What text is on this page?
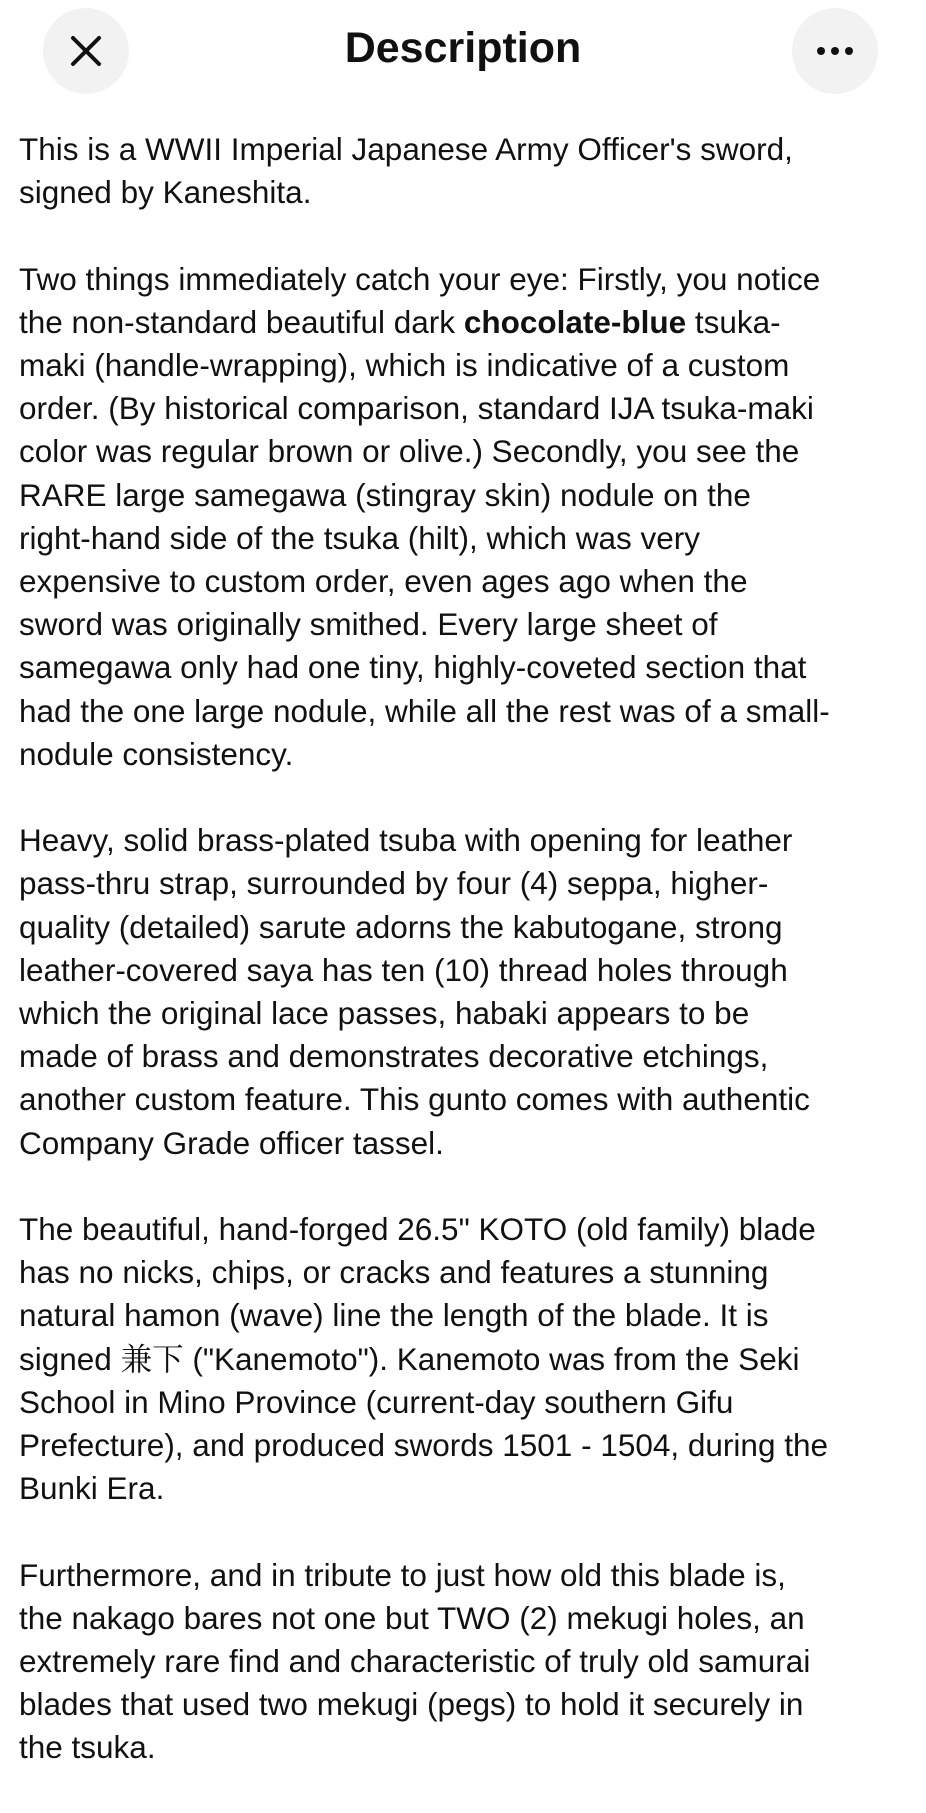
Description

This is a WWII Imperial Japanese Army Officer's sword,
signed by Kaneshita.

Two things immediately catch your eye: Firstly, you notice
the non-standard beautiful dark chocolate-blue tsuka-
maki (handle-wrapping), which is indicative of a custom
order. (By historical comparison, standard IJA tsuka-maki
color was regular brown or olive.) Secondly, you see the
RARE large samegawa (stingray skin) nodule on the
right-hand side of the tsuka (hilt), which was very
expensive to custom order, even ages ago when the
sword was originally smithed. Every large sheet of
samegawa only had one tiny, highly-coveted section that
had the one large nodule, while all the rest was of a small-
nodule consistency.

Heavy, solid brass-plated tsuba with opening for leather
pass-thru strap, surrounded by four (4) seppa, higher-
quality (detailed) sarute adorns the kabutogane, strong
leather-covered saya has ten (10) thread holes through
which the original lace passes, habaki appears to be
made of brass and demonstrates decorative etchings,
another custom feature. This gunto comes with authentic
Company Grade officer tassel.

The beautiful, hand-forged 26.5" KOTO (old family) blade
has no nicks, chips, or cracks and features a stunning
natural hamon (wave) line the length of the blade. It is
signed 兼下 ("Kanemoto"). Kanemoto was from the Seki
School in Mino Province (current-day southern Gifu
Prefecture), and produced swords 1501 - 1504, during the
Bunki Era.

Furthermore, and in tribute to just how old this blade is,
the nakago bares not one but TWO (2) mekugi holes, an
extremely rare find and characteristic of truly old samurai
blades that used two mekugi (pegs) to hold it securely in
the tsuka.
